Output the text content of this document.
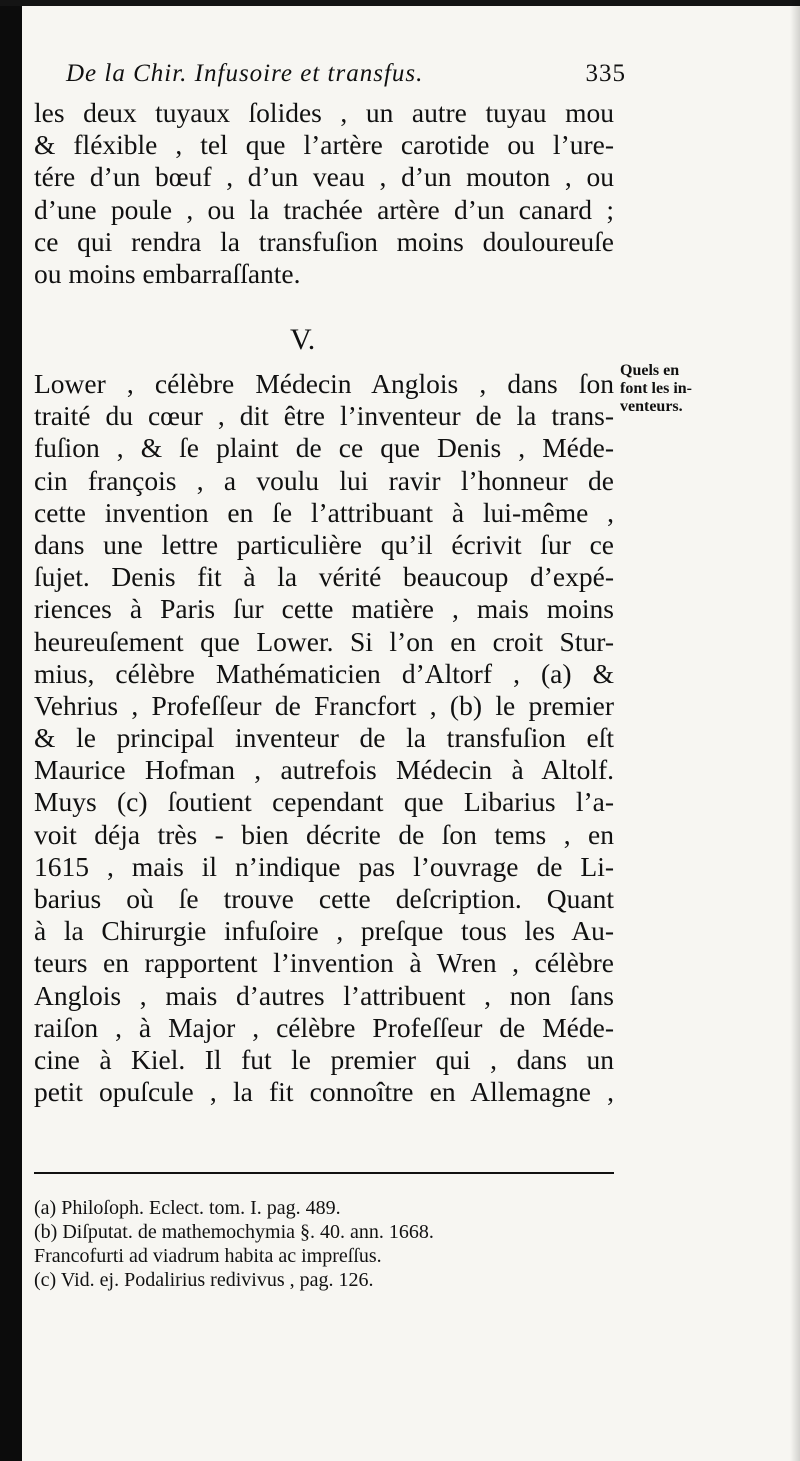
De la Chir. Infusoire et transfus.	335
les deux tuyaux ſolides , un autre tuyau mou
& fléxible , tel que l’artère carotide ou l’ure-
tére d’un bœuf , d’un veau , d’un mouton , ou
d’une poule , ou la trachée artère d’un canard ;
ce qui rendra la transfuſion moins douloureuſe
ou moins embarraſſante.
V.
Lower , célèbre Médecin Anglois , dans ſon
traité du cœur , dit être l’inventeur de la trans-
fuſion , & ſe plaint de ce que Denis , Méde-
cin françois , a voulu lui ravir l’honneur de
cette invention en ſe l’attribuant à lui-même ,
dans une lettre particulière qu’il écrivit ſur ce
ſujet. Denis fit à la vérité beaucoup d’expé-
riences à Paris ſur cette matière , mais moins
heureuſement que Lower. Si l’on en croit Stur-
mius, célèbre Mathématicien d’Altorf , (a) &
Vehrius , Profeſſeur de Francfort , (b) le premier
& le principal inventeur de la transfuſion eſt
Maurice Hofman , autrefois Médecin à Altolf.
Muys (c) ſoutient cependant que Libarius l’a-
voit déja très - bien décrite de ſon tems , en
1615 , mais il n’indique pas l’ouvrage de Li-
barius où ſe trouve cette deſcription. Quant
à la Chirurgie infuſoire , preſque tous les Au-
teurs en rapportent l’invention à Wren , célèbre
Anglois , mais d’autres l’attribuent , non ſans
raiſon , à Major , célèbre Profeſſeur de Méde-
cine à Kiel. Il fut le premier qui , dans un
petit opuſcule , la fit connoître en Allemagne ,
Quels en
font les in-
venteurs.
(a) Philoſoph. Eclect. tom. I. pag. 489.
(b) Diſputat. de mathemochymia §. 40. ann. 1668.
Francofurti ad viadrum habita ac impreſſus.
(c) Vid. ej. Podalirius redivivus , pag. 126.
